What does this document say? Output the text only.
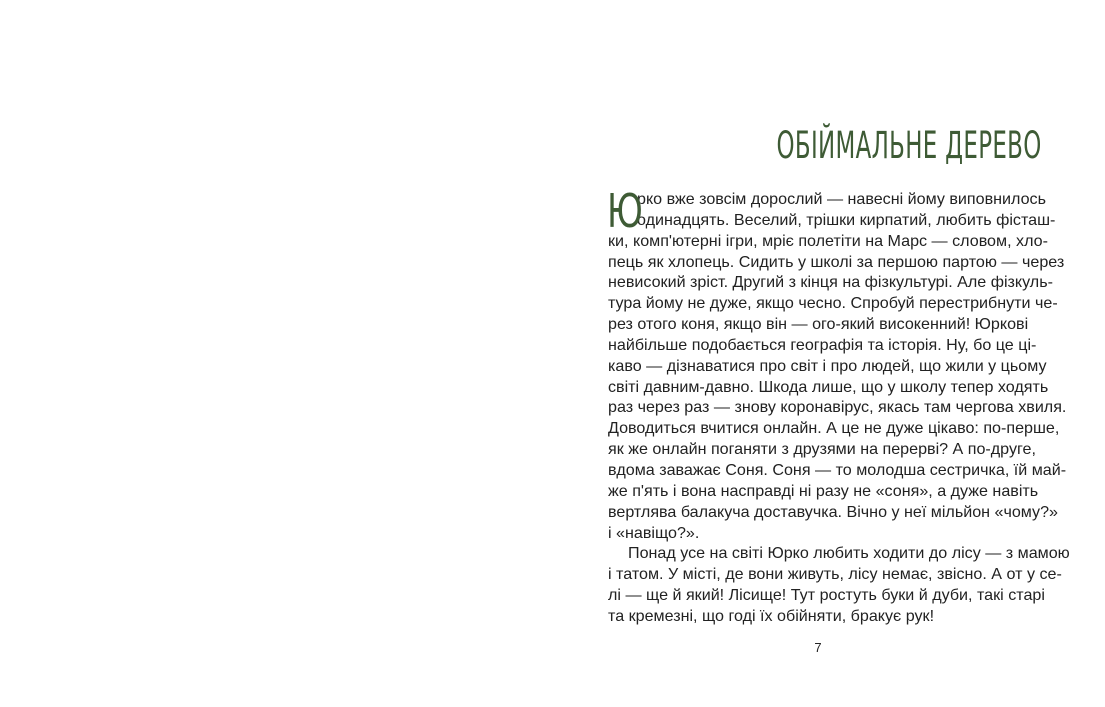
ОБІЙМАЛЬНЕ ДЕРЕВО
Ю
рко вже зовсім дорослий — навесні йому виповнилось
одинадцять. Веселий, трішки кирпатий, любить фісташ-
ки, комп'ютерні ігри, мріє полетіти на Марс — словом, хло-
пець як хлопець. Сидить у школі за першою партою — через
невисокий зріст. Другий з кінця на фізкультурі. Але фізкуль-
тура йому не дуже, якщо чесно. Спробуй перестрибнути че-
рез отого коня, якщо він — ого-який високенний! Юркові
найбільше подобається географія та історія. Ну, бо це ці-
каво — дізнаватися про світ і про людей, що жили у цьому
світі давним-давно. Шкода лише, що у школу тепер ходять
раз через раз — знову коронавірус, якась там чергова хвиля.
Доводиться вчитися онлайн. А це не дуже цікаво: по-перше,
як же онлайн поганяти з друзями на перерві? А по-друге,
вдома заважає Соня. Соня — то молодша сестричка, їй май-
же п'ять і вона насправді ні разу не «соня», а дуже навіть
вертлява балакуча доставучка. Вічно у неї мільйон «чому?»
і «навіщо?».
Понад усе на світі Юрко любить ходити до лісу — з мамою
і татом. У місті, де вони живуть, лісу немає, звісно. А от у се-
лі — ще й який! Лісище! Тут ростуть буки й дуби, такі старі
та кремезні, що годі їх обійняти, бракує рук!
7
